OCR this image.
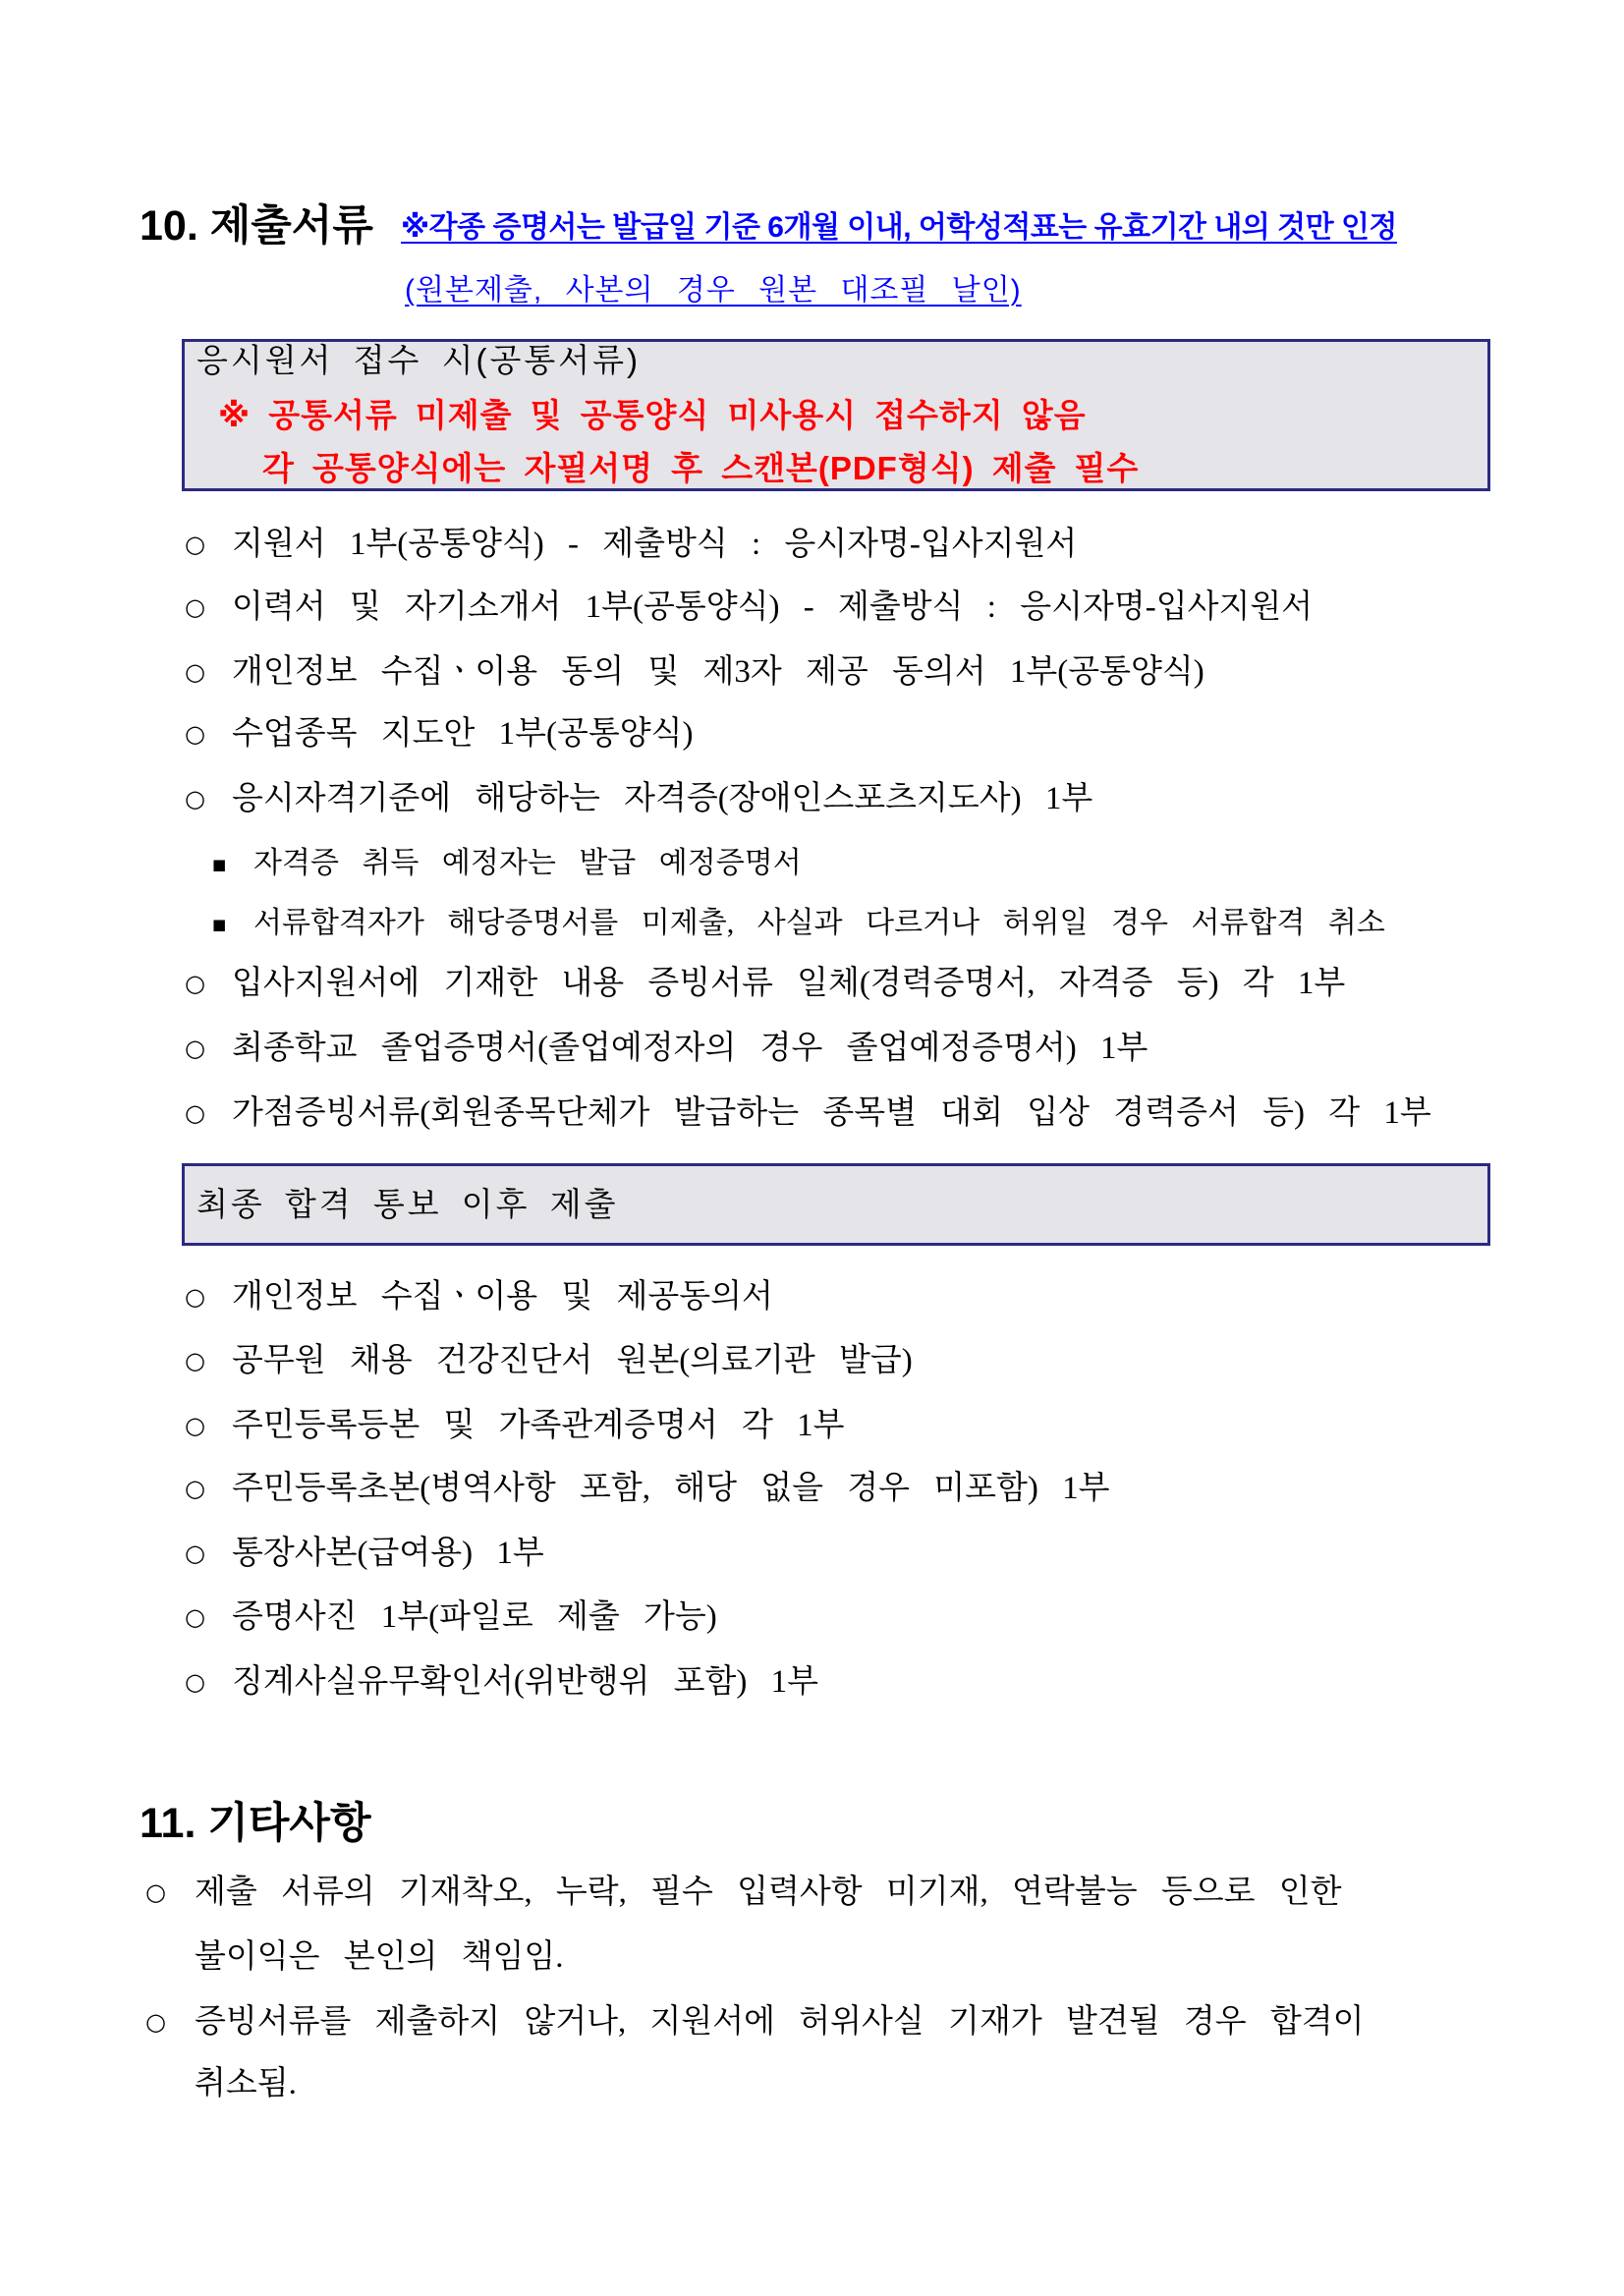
10. 제출서류 ※각종 증명서는 발급일 기준 6개월 이내, 어학성적표는 유효기간 내의 것만 인정
(원본제출, 사본의 경우 원본 대조필 날인)
응시원서 접수 시(공통서류)
※ 공통서류 미제출 및 공통양식 미사용시 접수하지 않음
각 공통양식에는 자필서명 후 스캔본(PDF형식) 제출 필수
○ 지원서 1부(공통양식) - 제출방식 : 응시자명-입사지원서
○ 이력서 및 자기소개서 1부(공통양식) - 제출방식 : 응시자명-입사지원서
○ 개인정보 수집ㆍ이용 동의 및 제3자 제공 동의서 1부(공통양식)
○ 수업종목 지도안 1부(공통양식)
○ 응시자격기준에 해당하는 자격증(장애인스포츠지도사) 1부
■ 자격증 취득 예정자는 발급 예정증명서
■ 서류합격자가 해당증명서를 미제출, 사실과 다르거나 허위일 경우 서류합격 취소
○ 입사지원서에 기재한 내용 증빙서류 일체(경력증명서, 자격증 등) 각 1부
○ 최종학교 졸업증명서(졸업예정자의 경우 졸업예정증명서) 1부
○ 가점증빙서류(회원종목단체가 발급하는 종목별 대회 입상 경력증서 등) 각 1부
최종 합격 통보 이후 제출
○ 개인정보 수집ㆍ이용 및 제공동의서
○ 공무원 채용 건강진단서 원본(의료기관 발급)
○ 주민등록등본 및 가족관계증명서 각 1부
○ 주민등록초본(병역사항 포함, 해당 없을 경우 미포함) 1부
○ 통장사본(급여용) 1부
○ 증명사진 1부(파일로 제출 가능)
○ 징계사실유무확인서(위반행위 포함) 1부
11. 기타사항
○ 제출 서류의 기재착오, 누락, 필수 입력사항 미기재, 연락불능 등으로 인한
불이익은 본인의 책임임.
○ 증빙서류를 제출하지 않거나, 지원서에 허위사실 기재가 발견될 경우 합격이
취소됨.
